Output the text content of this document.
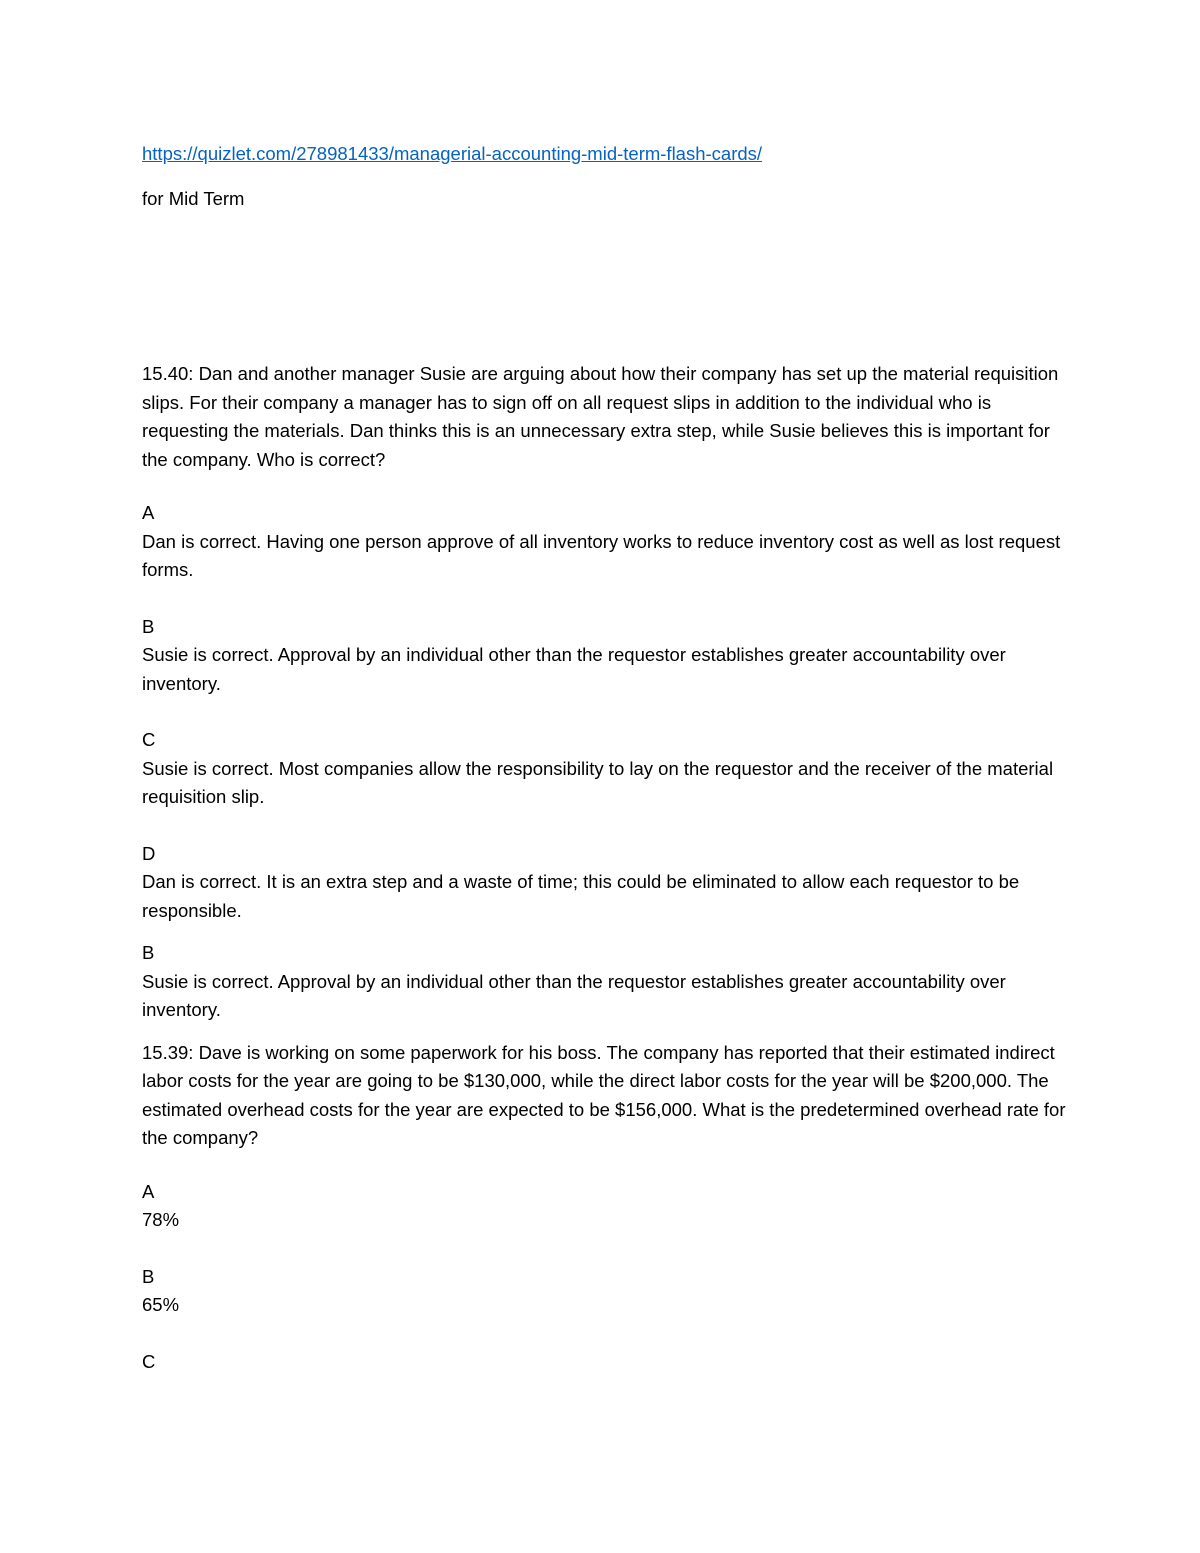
https://quizlet.com/278981433/managerial-accounting-mid-term-flash-cards/

for Mid Term

15.40: Dan and another manager Susie are arguing about how their company has set up the material requisition slips. For their company a manager has to sign off on all request slips in addition to the individual who is requesting the materials. Dan thinks this is an unnecessary extra step, while Susie believes this is important for the company. Who is correct?

A
Dan is correct. Having one person approve of all inventory works to reduce inventory cost as well as lost request forms.
B
Susie is correct. Approval by an individual other than the requestor establishes greater accountability over inventory.
C
Susie is correct. Most companies allow the responsibility to lay on the requestor and the receiver of the material requisition slip.
D
Dan is correct. It is an extra step and a waste of time; this could be eliminated to allow each requestor to be responsible.
B
Susie is correct. Approval by an individual other than the requestor establishes greater accountability over inventory.

15.39: Dave is working on some paperwork for his boss. The company has reported that their estimated indirect labor costs for the year are going to be $130,000, while the direct labor costs for the year will be $200,000. The estimated overhead costs for the year are expected to be $156,000. What is the predetermined overhead rate for the company?

A
78%
B
65%
C
